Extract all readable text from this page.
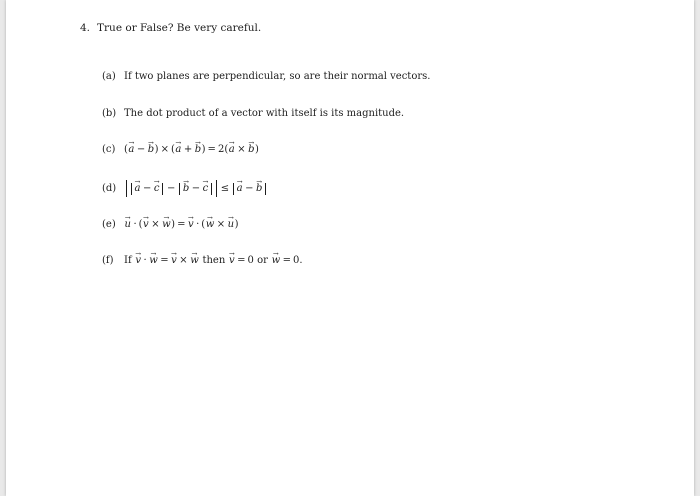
4. True or False? Be very careful.
(a) If two planes are perpendicular, so are their normal vectors.
(b) The dot product of a vector with itself is its magnitude.
(c) (→ a − → b) × (→ a + → b) = 2(→ a × → b)
(d) → a − → c − → b − → c ≤ → a − → b
(e) → u · (→ v × → w) = → v · (→ w × → u)
(f) If → v · → w = → v × → w then → v = 0 or → w = 0.
